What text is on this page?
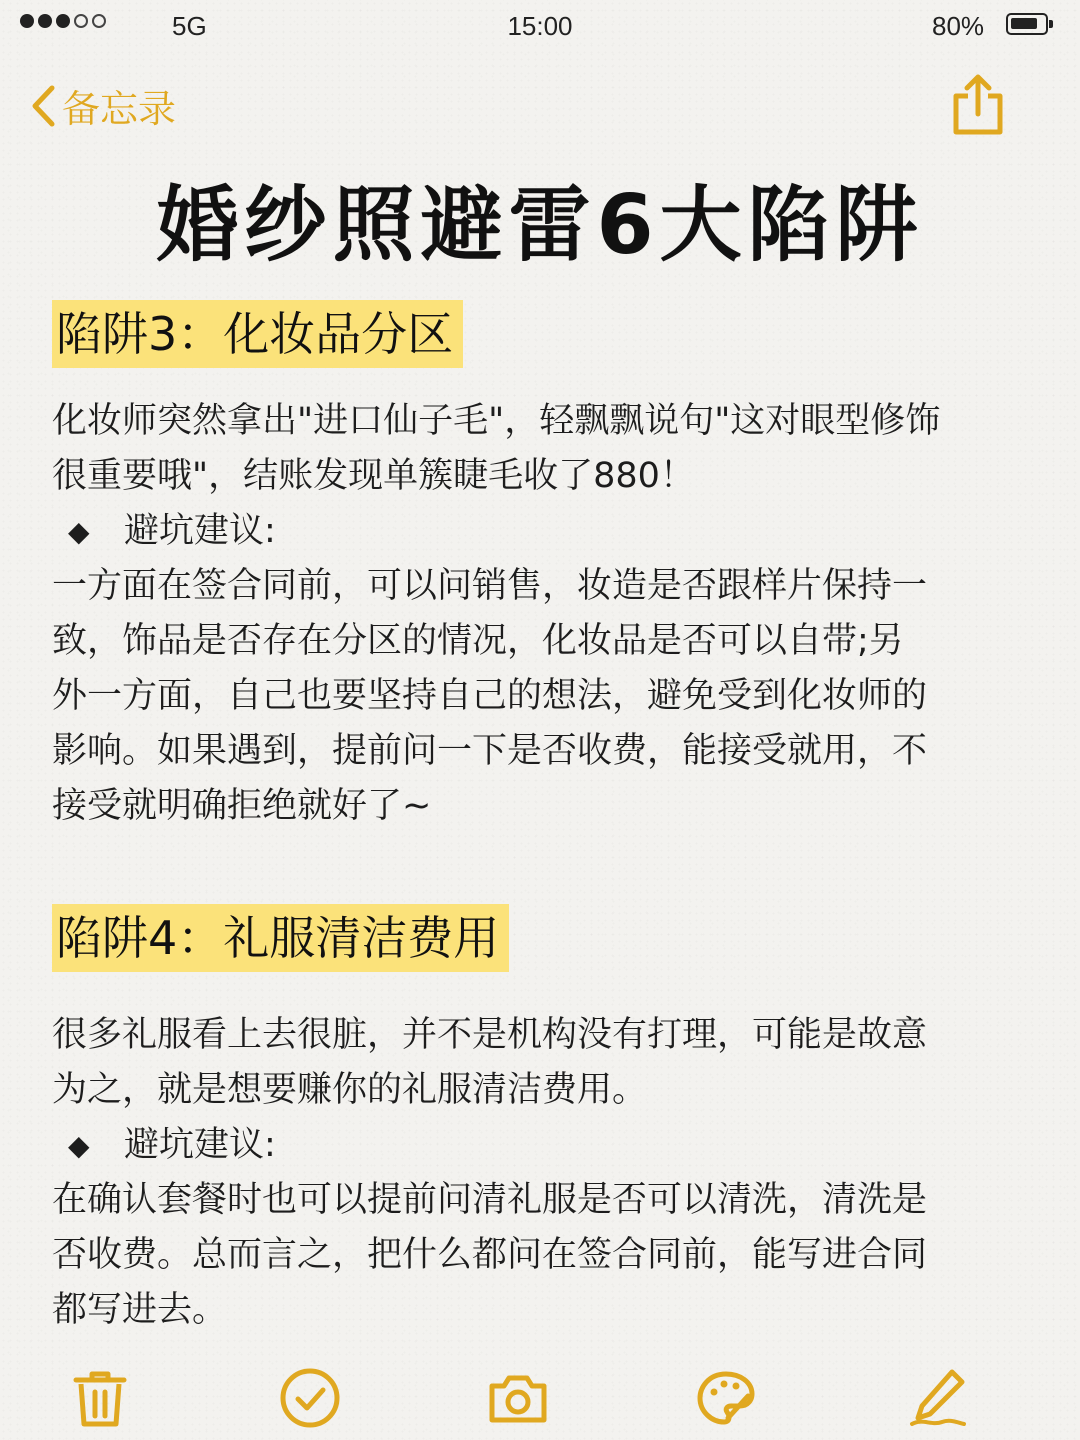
5G	15:00	80%
备忘录
婚纱照避雷6大陷阱
陷阱3：化妆品分区

化妆师突然拿出"进口仙子毛"，轻飘飘说句"这对眼型修饰
很重要哦"，结账发现单簇睫毛收了880！

◆ 避坑建议:

一方面在签合同前，可以问销售，妆造是否跟样片保持一
致，饰品是否存在分区的情况，化妆品是否可以自带;另
外一方面，自己也要坚持自己的想法，避免受到化妆师的
影响。如果遇到，提前问一下是否收费，能接受就用，不
接受就明确拒绝就好了~

陷阱4：礼服清洁费用

很多礼服看上去很脏，并不是机构没有打理，可能是故意
为之，就是想要赚你的礼服清洁费用。

◆ 避坑建议:

在确认套餐时也可以提前问清礼服是否可以清洗，清洗是
否收费。总而言之，把什么都问在签合同前，能写进合同
都写进去。
